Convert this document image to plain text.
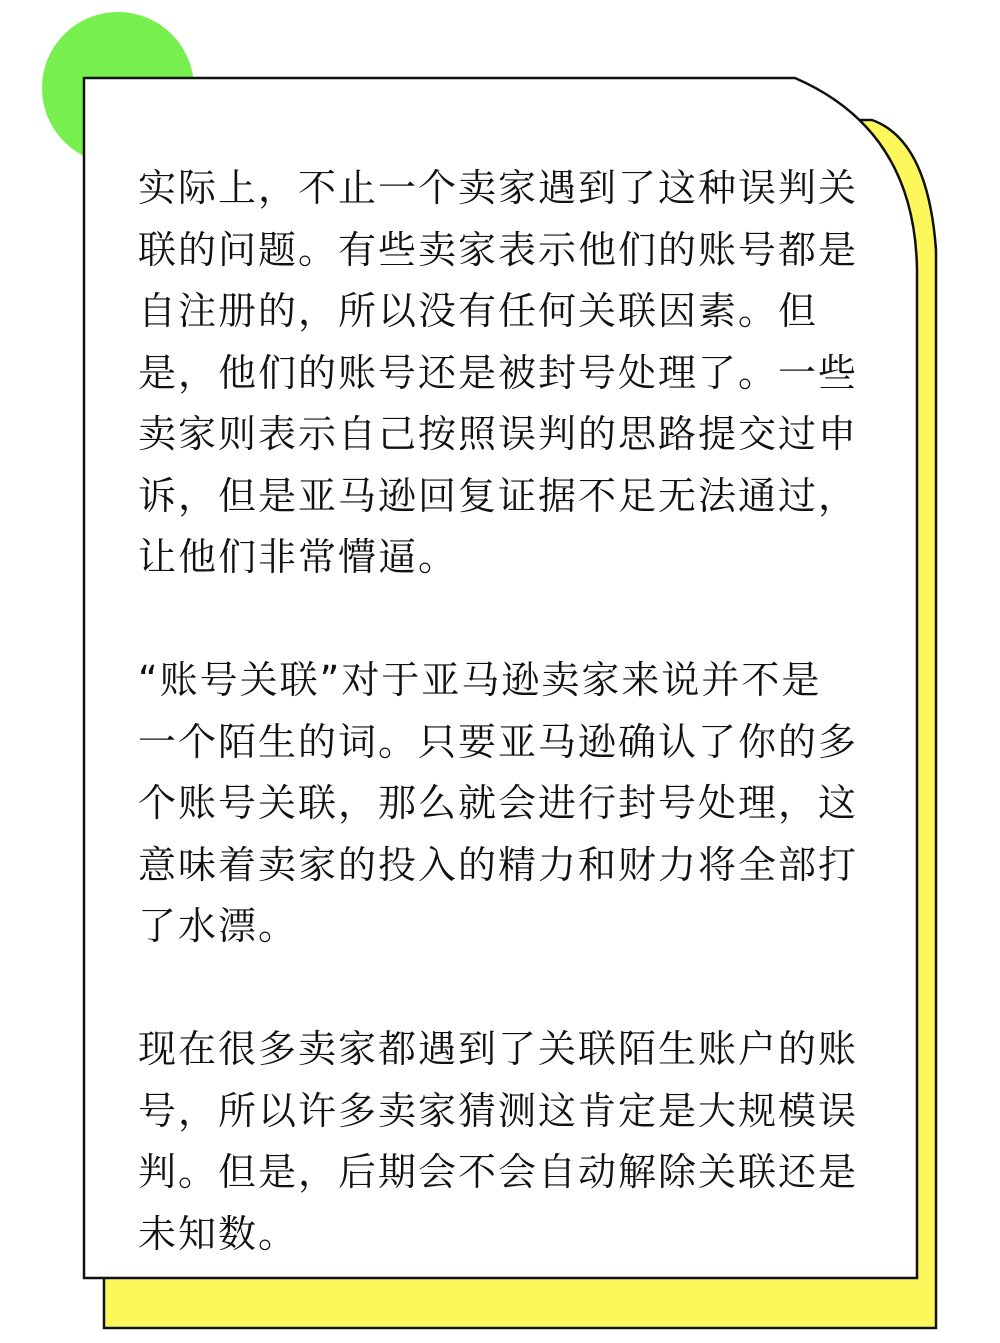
实际上，不止一个卖家遇到了这种误判关
联的问题。有些卖家表示他们的账号都是
自注册的，所以没有任何关联因素。但
是，他们的账号还是被封号处理了。一些
卖家则表示自己按照误判的思路提交过申
诉，但是亚马逊回复证据不足无法通过，
让他们非常懵逼。

“账号关联”对于亚马逊卖家来说并不是
一个陌生的词。只要亚马逊确认了你的多
个账号关联，那么就会进行封号处理，这
意味着卖家的投入的精力和财力将全部打
了水漂。

现在很多卖家都遇到了关联陌生账户的账
号，所以许多卖家猜测这肯定是大规模误
判。但是，后期会不会自动解除关联还是
未知数。
